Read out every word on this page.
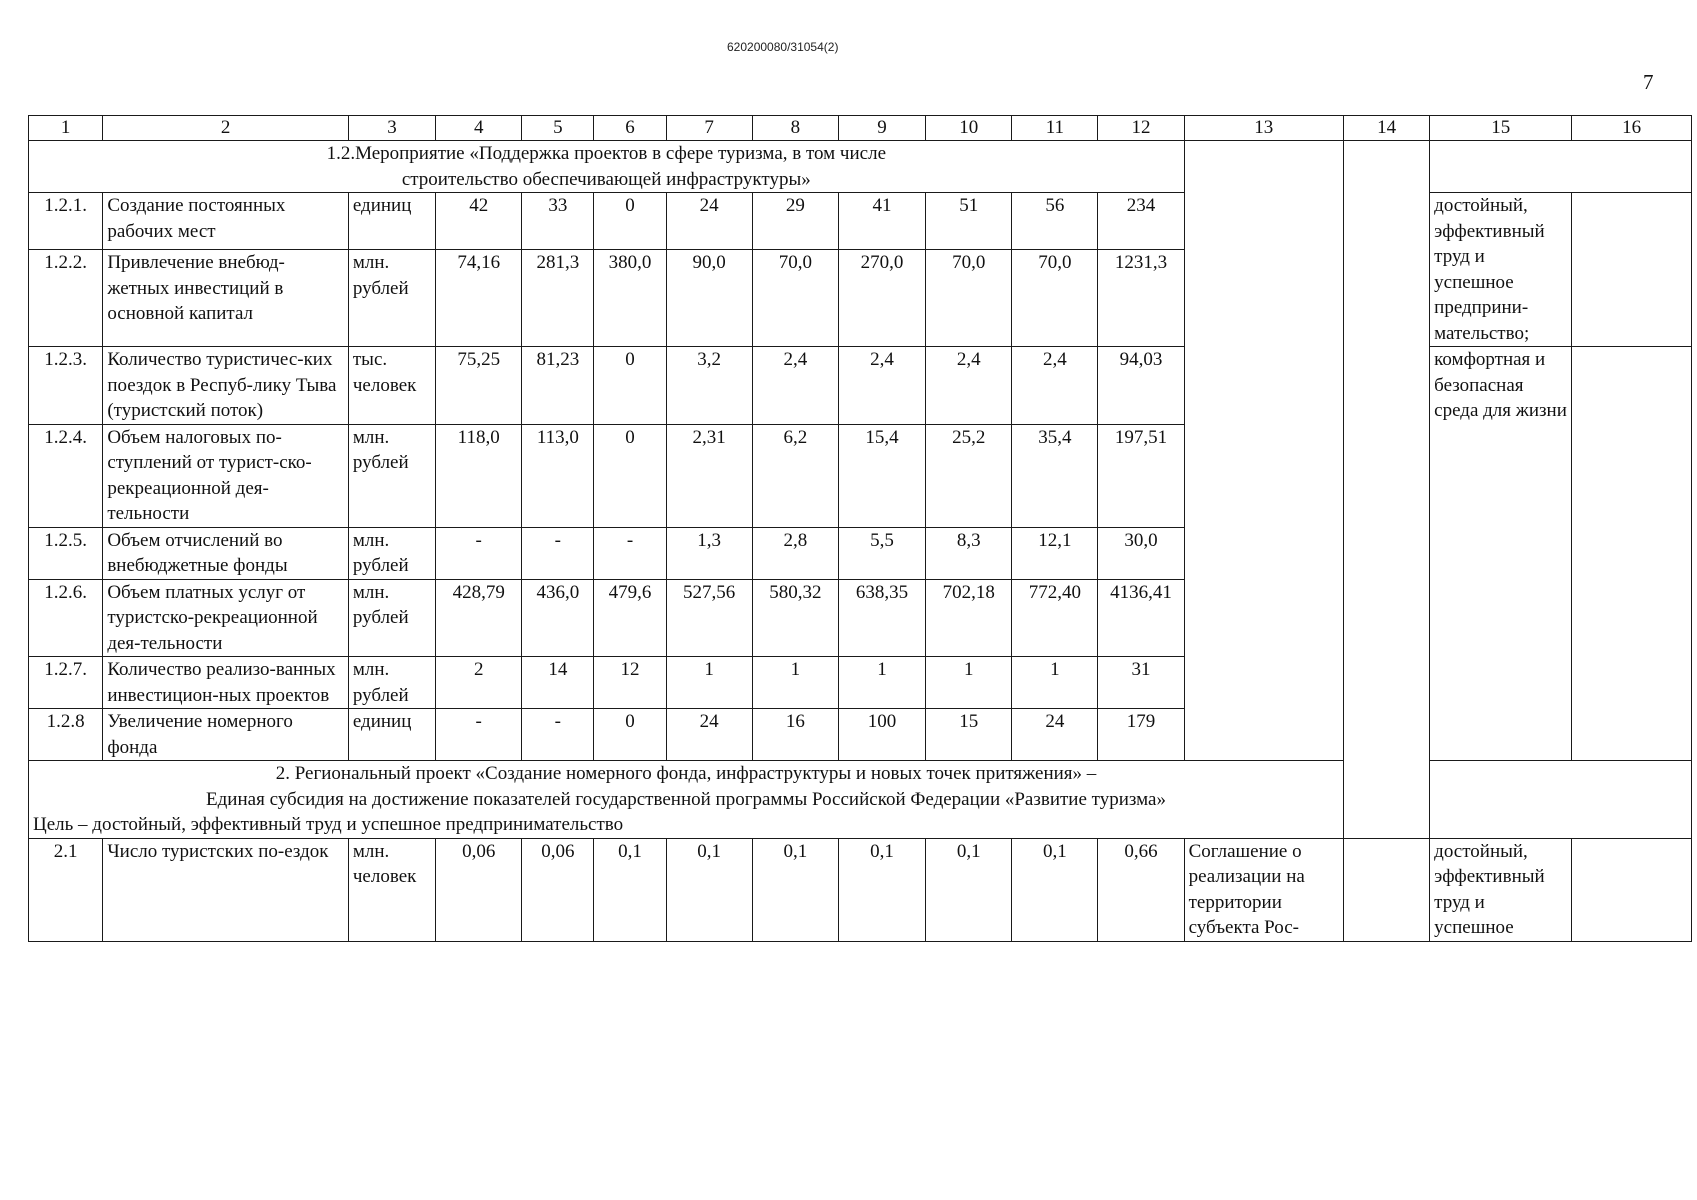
620200080/31054(2)
7
1	2	3	4	5	6	7	8	9	10	11	12	13	14	15	16
1.2.Мероприятие «Поддержка проектов в сфере туризма, в том числе
строительство обеспечивающей инфраструктуры»															
1.2.1.	Создание постоянных рабочих мест	единиц	42	33	0	24	29	41	51	56	234			достойный, эффективный труд и успешное предприни-мательство;	
1.2.2.	Привлечение внебюд-жетных инвестиций в основной капитал	млн. рублей	74,16	281,3	380,0	90,0	70,0	270,0	70,0	70,0	1231,3				
1.2.3.	Количество туристичес-ких поездок в Респуб-лику Тыва (туристский поток)	тыс. человек	75,25	81,23	0	3,2	2,4	2,4	2,4	2,4	94,03			комфортная и безопасная среда для жизни	
1.2.4.	Объем налоговых по-ступлений от турист-ско-рекреационной дея-тельности	млн. рублей	118,0	113,0	0	2,31	6,2	15,4	25,2	35,4	197,51				
1.2.5.	Объем отчислений во внебюджетные фонды	млн. рублей	-	-	-	1,3	2,8	5,5	8,3	12,1	30,0				
1.2.6.	Объем платных услуг от туристско-рекреационной дея-тельности	млн. рублей	428,79	436,0	479,6	527,56	580,32	638,35	702,18	772,40	4136,41				
1.2.7.	Количество реализо-ванных инвестицион-ных проектов	млн. рублей	2	14	12	1	1	1	1	1	31				
1.2.8	Увеличение номерного фонда	единиц	-	-	0	24	16	100	15	24	179				
2. Региональный проект «Создание номерного фонда, инфраструктуры и новых точек притяжения» –
Единая субсидия на достижение показателей государственной программы Российской Федерации «Развитие туризма»
Цель – достойный, эффективный труд и успешное предпринимательство															

2.1	Число туристских по-ездок	млн. человек	0,06	0,06	0,1	0,1	0,1	0,1	0,1	0,1	0,66	Соглашение о реализации на территории субъекта Рос-		достойный, эффективный труд и успешное	
